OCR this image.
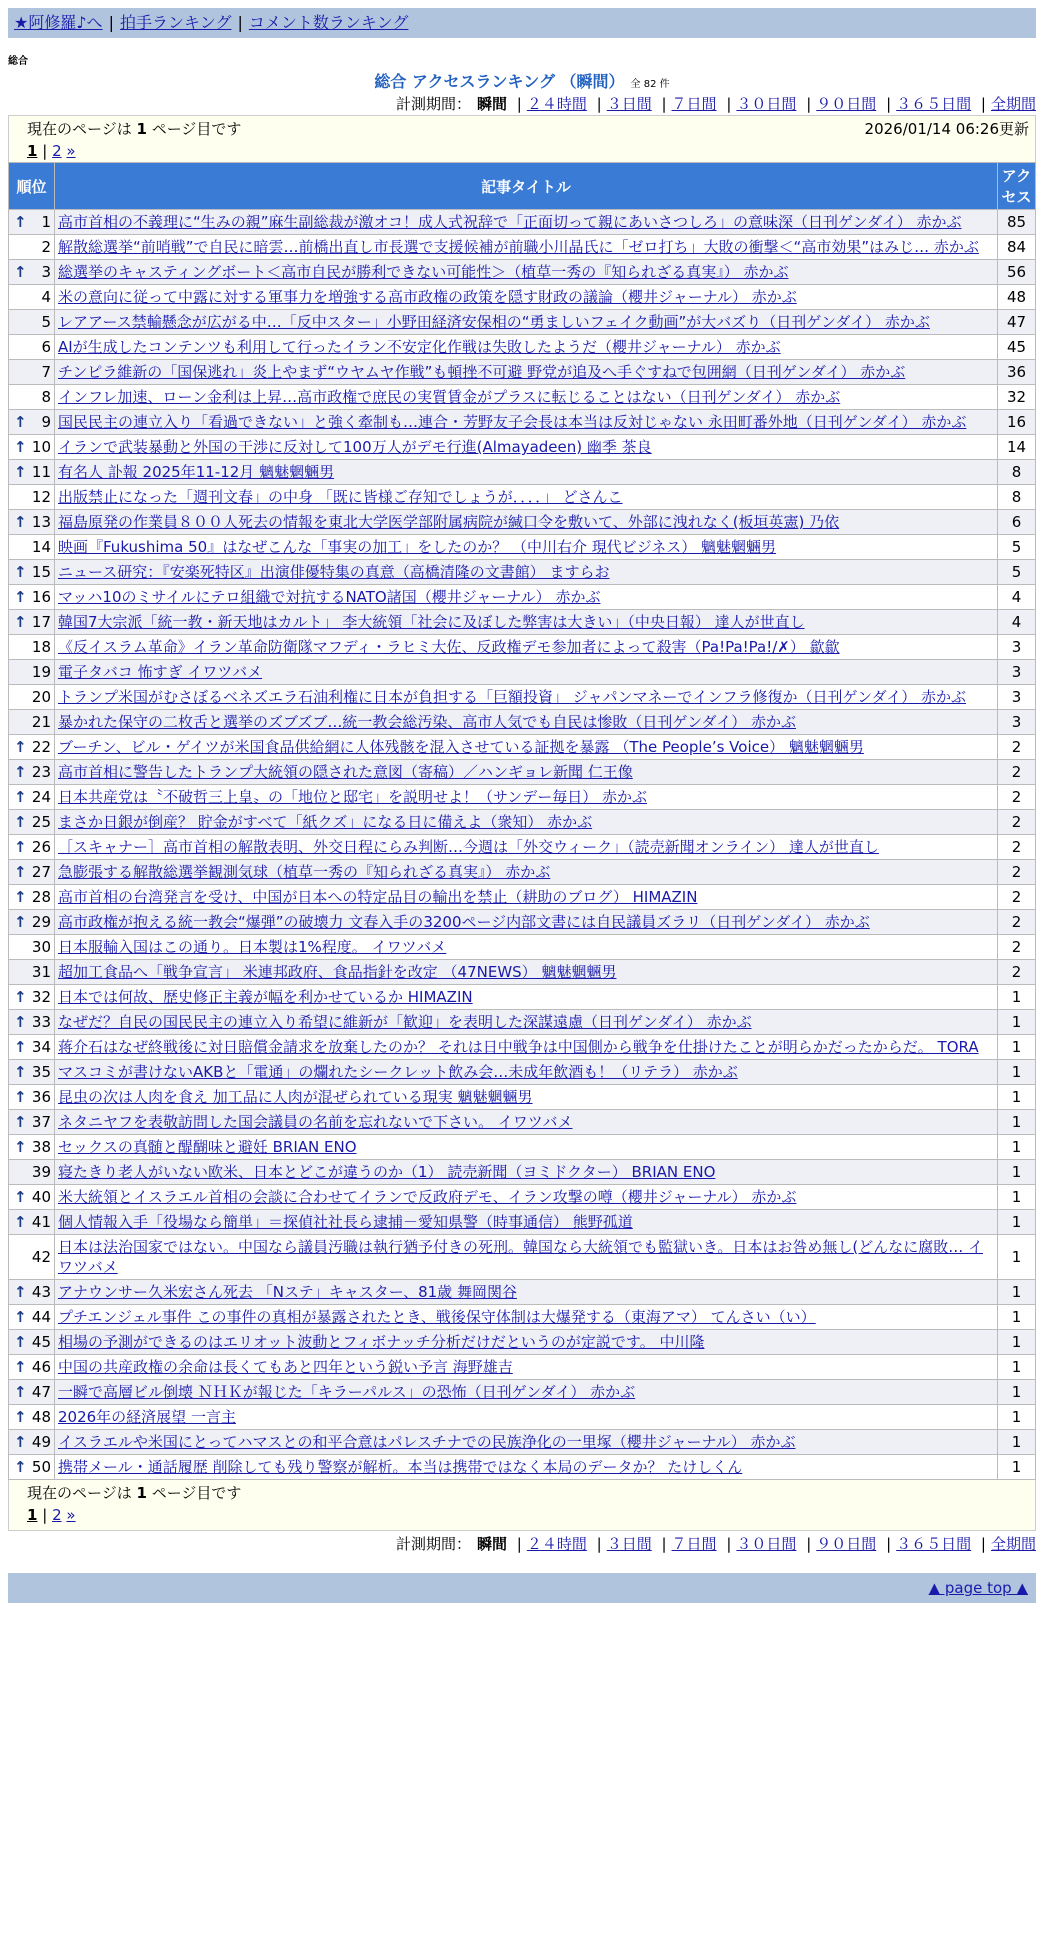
★阿修羅♪へ | 拍手ランキング | コメント数ランキング
総合
総合 アクセスランキング （瞬間） 全 82 件
計測期間： 瞬間 | ２４時間 | ３日間 | ７日間 | ３０日間 | ９０日間 | ３６５日間 | 全期間
現在のページは 1 ページ目です	2026/01/14 06:26更新
1 | 2 »
順位	記事タイトル	アクセス

↑ 1	高市首相の不義理に“生みの親”麻生副総裁が激オコ！成人式祝辞で「正面切って親にあいさつしろ」の意味深（日刊ゲンダイ） 赤かぶ	85
2	解散総選挙“前哨戦”で自民に暗雲…前橋出直し市長選で支援候補が前職小川晶氏に「ゼロ打ち」大敗の衝撃＜“高市効果”はみじ… 赤かぶ	84

↑ 3	総選挙のキャスティングボート＜高市自民が勝利できない可能性＞（植草一秀の『知られざる真実』） 赤かぶ	56
4	米の意向に従って中露に対する軍事力を増強する高市政権の政策を隠す財政の議論（櫻井ジャーナル） 赤かぶ	48
5	レアアース禁輸懸念が広がる中…「反中スター」小野田経済安保相の“勇ましいフェイク動画”が大バズり（日刊ゲンダイ） 赤かぶ	47
6	AIが生成したコンテンツも利用して行ったイラン不安定化作戦は失敗したようだ（櫻井ジャーナル） 赤かぶ	45
7	チンピラ維新の「国保逃れ」炎上やまず“ウヤムヤ作戦”も頓挫不可避 野党が追及へ手ぐすねで包囲網（日刊ゲンダイ） 赤かぶ	36
8	インフレ加速、ローン金利は上昇…高市政権で庶民の実質賃金がプラスに転じることはない（日刊ゲンダイ） 赤かぶ	32

↑ 9	国民民主の連立入り「看過できない」と強く牽制も…連合・芳野友子会長は本当は反対じゃない 永田町番外地（日刊ゲンダイ） 赤かぶ	16

↑ 10	イランで武装暴動と外国の干渉に反対して100万人がデモ行進(Almayadeen) 幽季 茶良	14

↑ 11	有名人 訃報 2025年11-12月 魑魅魍魎男	8
12	出版禁止になった「週刊文春」の中身 「既に皆様ご存知でしょうが．．．．」 どさんこ	8

↑ 13	福島原発の作業員８００人死去の情報を東北大学医学部附属病院が緘口令を敷いて、外部に洩れなく(板垣英憲) 乃依	6
14	映画『Fukushima 50』はなぜこんな「事実の加工」をしたのか？ （中川右介 現代ビジネス） 魑魅魍魎男	5

↑ 15	ニュース研究：『安楽死特区』出演俳優特集の真意（高橋清隆の文書館） ますらお	5

↑ 16	マッハ10のミサイルにテロ組織で対抗するNATO諸国（櫻井ジャーナル） 赤かぶ	4

↑ 17	韓国7大宗派「統一教・新天地はカルト」 李大統領「社会に及ぼした弊害は大きい」（中央日報） 達人が世直し	4
18	《反イスラム革命》イラン革命防衛隊マフディ・ラヒミ大佐、反政権デモ参加者によって殺害（Pa!Pa!Pa!/✗） 歙歙	3
19	電子タバコ 怖すぎ イワツバメ	3
20	トランプ米国がむさぼるベネズエラ石油利権に日本が負担する「巨額投資」 ジャパンマネーでインフラ修復か（日刊ゲンダイ） 赤かぶ	3
21	暴かれた保守の二枚舌と選挙のズブズブ…統一教会総汚染、高市人気でも自民は惨敗（日刊ゲンダイ） 赤かぶ	3

↑ 22	ブーチン、ビル・ゲイツが米国食品供給網に人体残骸を混入させている証拠を暴露 （The People’s Voice） 魑魅魍魎男	2

↑ 23	高市首相に警告したトランプ大統領の隠された意図（寄稿）／ハンギョレ新聞 仁王像	2

↑ 24	日本共産党は〝不破哲三上皇〟の「地位と邸宅」を説明せよ！（サンデー毎日） 赤かぶ	2

↑ 25	まさか日銀が倒産？ 貯金がすべて「紙クズ」になる日に備えよ（衆知） 赤かぶ	2

↑ 26	［スキャナー］高市首相の解散表明、外交日程にらみ判断…今週は「外交ウィーク」（読売新聞オンライン） 達人が世直し	2

↑ 27	急膨張する解散総選挙観測気球（植草一秀の『知られざる真実』） 赤かぶ	2

↑ 28	高市首相の台湾発言を受け、中国が日本への特定品目の輸出を禁止（耕助のブログ） HIMAZIN	2

↑ 29	高市政権が抱える統一教会“爆弾”の破壊力 文春入手の3200ページ内部文書には自民議員ズラリ（日刊ゲンダイ） 赤かぶ	2
30	日本服輸入国はこの通り。日本製は1%程度。 イワツバメ	2
31	超加工食品へ「戦争宣言」 米連邦政府、食品指針を改定 （47NEWS） 魑魅魍魎男	2

↑ 32	日本では何故、歴史修正主義が幅を利かせているか HIMAZIN	1

↑ 33	なぜだ？自民の国民民主の連立入り希望に維新が「歓迎」を表明した深謀遠慮（日刊ゲンダイ） 赤かぶ	1

↑ 34	蒋介石はなぜ終戦後に対日賠償金請求を放棄したのか？ それは日中戦争は中国側から戦争を仕掛けたことが明らかだったからだ。 TORA	1

↑ 35	マスコミが書けないAKBと「電通」の爛れたシークレット飲み会…未成年飲酒も！（リテラ） 赤かぶ	1

↑ 36	昆虫の次は人肉を食え 加工品に人肉が混ぜられている現実 魑魅魍魎男	1

↑ 37	ネタニヤフを表敬訪問した国会議員の名前を忘れないで下さい。 イワツバメ	1

↑ 38	セックスの真髄と醍醐味と避妊 BRIAN ENO	1
39	寝たきり老人がいない欧米、日本とどこが違うのか（1） 読売新聞（ヨミドクター） BRIAN ENO	1

↑ 40	米大統領とイスラエル首相の会談に合わせてイランで反政府デモ、イラン攻撃の噂（櫻井ジャーナル） 赤かぶ	1

↑ 41	個人情報入手「役場なら簡単」＝探偵社社長ら逮捕－愛知県警（時事通信） 熊野孤道	1
42	日本は法治国家ではない。中国なら議員汚職は執行猶予付きの死刑。韓国なら大統領でも監獄いき。日本はお咎め無し(どんなに腐敗… イワツバメ	1

↑ 43	アナウンサー久米宏さん死去 「Nステ」キャスター、81歳 舞岡関谷	1

↑ 44	プチエンジェル事件 この事件の真相が暴露されたとき、戦後保守体制は大爆発する（東海アマ） てんさい（い）	1

↑ 45	相場の予測ができるのはエリオット波動とフィボナッチ分析だけだというのが定説です。 中川隆	1

↑ 46	中国の共産政権の余命は長くてもあと四年という鋭い予言 海野雄吉	1

↑ 47	一瞬で高層ビル倒壊 ＮＨＫが報じた「キラーパルス」の恐怖（日刊ゲンダイ） 赤かぶ	1

↑ 48	2026年の経済展望 一言主	1

↑ 49	イスラエルや米国にとってハマスとの和平合意はパレスチナでの民族浄化の一里塚（櫻井ジャーナル） 赤かぶ	1

↑ 50	携帯メール・通話履歴 削除しても残り警察が解析。本当は携帯ではなく本局のデータか？ たけしくん	1
現在のページは 1 ページ目です
1 | 2 »
計測期間： 瞬間 | ２４時間 | ３日間 | ７日間 | ３０日間 | ９０日間 | ３６５日間 | 全期間
▲ page top ▲
